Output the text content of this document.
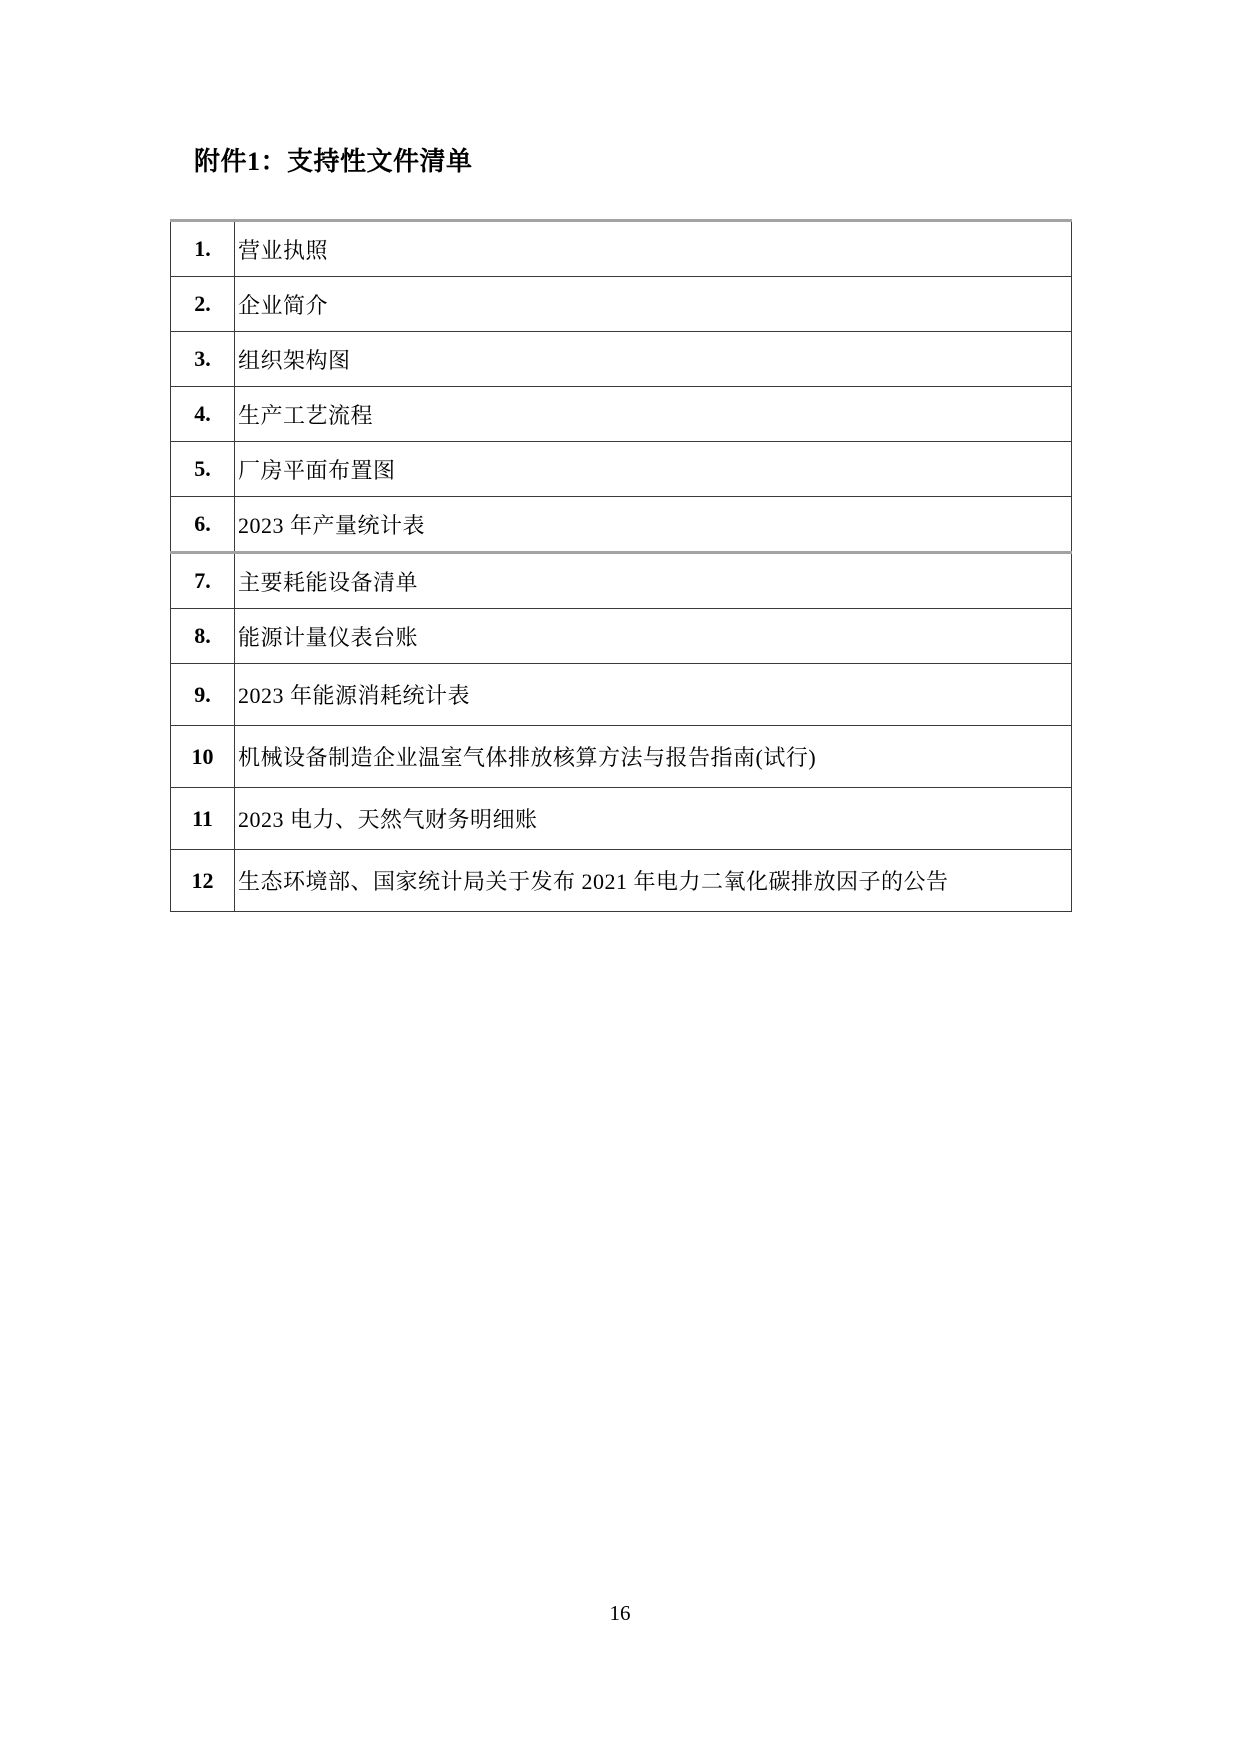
附件1：支持性文件清单
1.	营业执照
2.	企业简介
3.	组织架构图
4.	生产工艺流程
5.	厂房平面布置图
6.	2023 年产量统计表
7.	主要耗能设备清单
8.	能源计量仪表台账
9.	2023 年能源消耗统计表
10	机械设备制造企业温室气体排放核算方法与报告指南(试行)
11	2023 电力、天然气财务明细账
12	生态环境部、国家统计局关于发布 2021 年电力二氧化碳排放因子的公告
16
